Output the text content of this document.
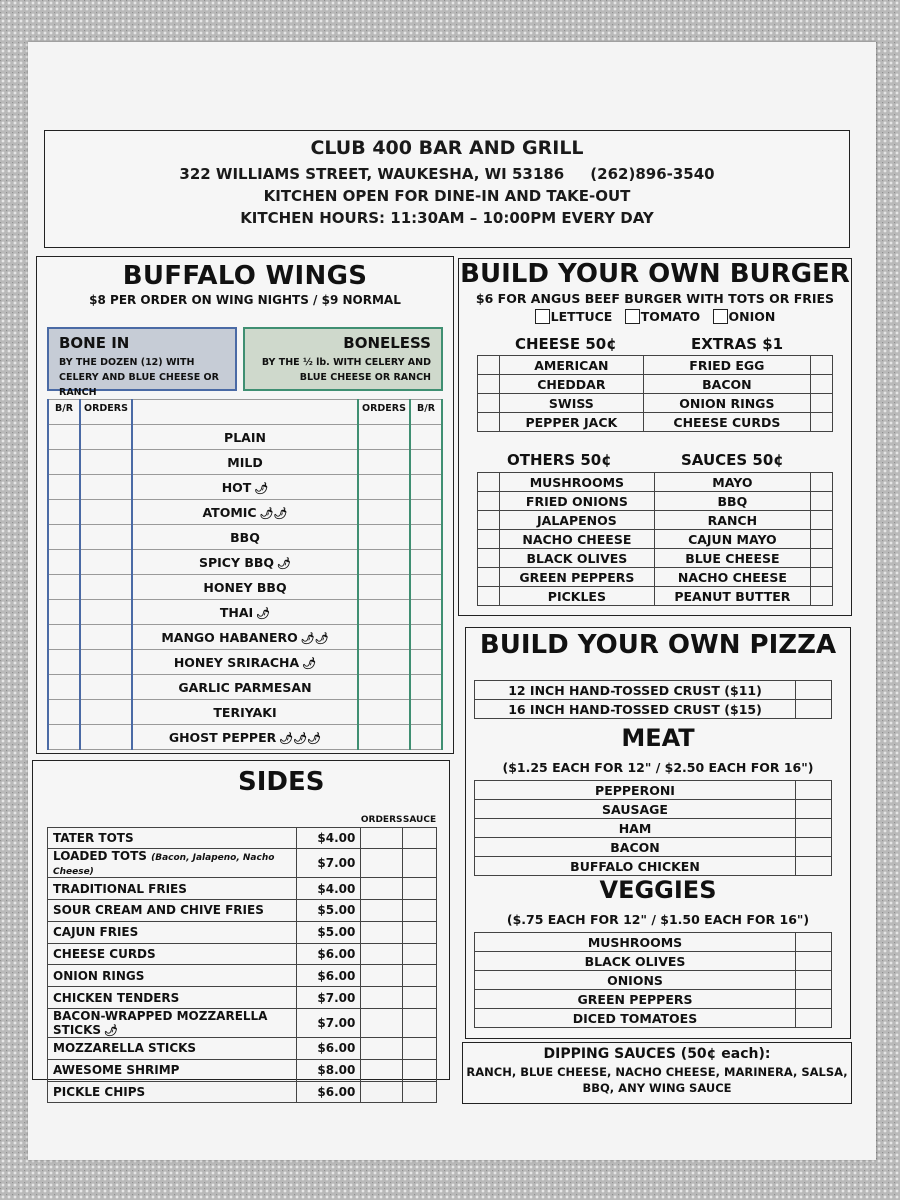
CLUB 400 BAR AND GRILL
322 WILLIAMS STREET, WAUKESHA, WI 53186 (262)896-3540
KITCHEN OPEN FOR DINE-IN AND TAKE-OUT
KITCHEN HOURS: 11:30AM – 10:00PM EVERY DAY
BUFFALO WINGS
$8 PER ORDER ON WING NIGHTS / $9 NORMAL
BONE IN
BY THE DOZEN (12) WITH CELERY AND BLUE CHEESE OR RANCH
BONELESS
BY THE ½ lb. WITH CELERY AND BLUE CHEESE OR RANCH
B/R	ORDERS		ORDERS	B/R
		PLAIN		
		MILD		
		HOT 🌶		
		ATOMIC 🌶🌶		
		BBQ		
		SPICY BBQ 🌶		
		HONEY BBQ		
		THAI 🌶		
		MANGO HABANERO 🌶🌶		
		HONEY SRIRACHA 🌶		
		GARLIC PARMESAN		
		TERIYAKI		
		GHOST PEPPER 🌶🌶🌶		
SIDES
		ORDERS	SAUCE
TATER TOTS	$4.00		
LOADED TOTS (Bacon, Jalapeno, Nacho Cheese)	$7.00		
TRADITIONAL FRIES	$4.00		
SOUR CREAM AND CHIVE FRIES	$5.00		
CAJUN FRIES	$5.00		
CHEESE CURDS	$6.00		
ONION RINGS	$6.00		
CHICKEN TENDERS	$7.00		
BACON-WRAPPED MOZZARELLA STICKS 🌶	$7.00		
MOZZARELLA STICKS	$6.00		
AWESOME SHRIMP	$8.00		
PICKLE CHIPS	$6.00		
BUILD YOUR OWN BURGER
$6 FOR ANGUS BEEF BURGER WITH TOTS OR FRIES
LETTUCE TOMATO ONION
CHEESE 50¢	EXTRAS $1
	AMERICAN	FRIED EGG	
	CHEDDAR	BACON	
	SWISS	ONION RINGS	
	PEPPER JACK	CHEESE CURDS	
OTHERS 50¢	SAUCES 50¢
	MUSHROOMS	MAYO	
	FRIED ONIONS	BBQ	
	JALAPENOS	RANCH	
	NACHO CHEESE	CAJUN MAYO	
	BLACK OLIVES	BLUE CHEESE	
	GREEN PEPPERS	NACHO CHEESE	
	PICKLES	PEANUT BUTTER	
BUILD YOUR OWN PIZZA
12 INCH HAND-TOSSED CRUST ($11)	
16 INCH HAND-TOSSED CRUST ($15)	
MEAT
($1.25 EACH FOR 12" / $2.50 EACH FOR 16")
PEPPERONI	
SAUSAGE	
HAM	
BACON	
BUFFALO CHICKEN	
VEGGIES
($.75 EACH FOR 12" / $1.50 EACH FOR 16")
MUSHROOMS	
BLACK OLIVES	
ONIONS	
GREEN PEPPERS	
DICED TOMATOES	
DIPPING SAUCES (50¢ each):
RANCH, BLUE CHEESE, NACHO CHEESE, MARINERA, SALSA, BBQ, ANY WING SAUCE
